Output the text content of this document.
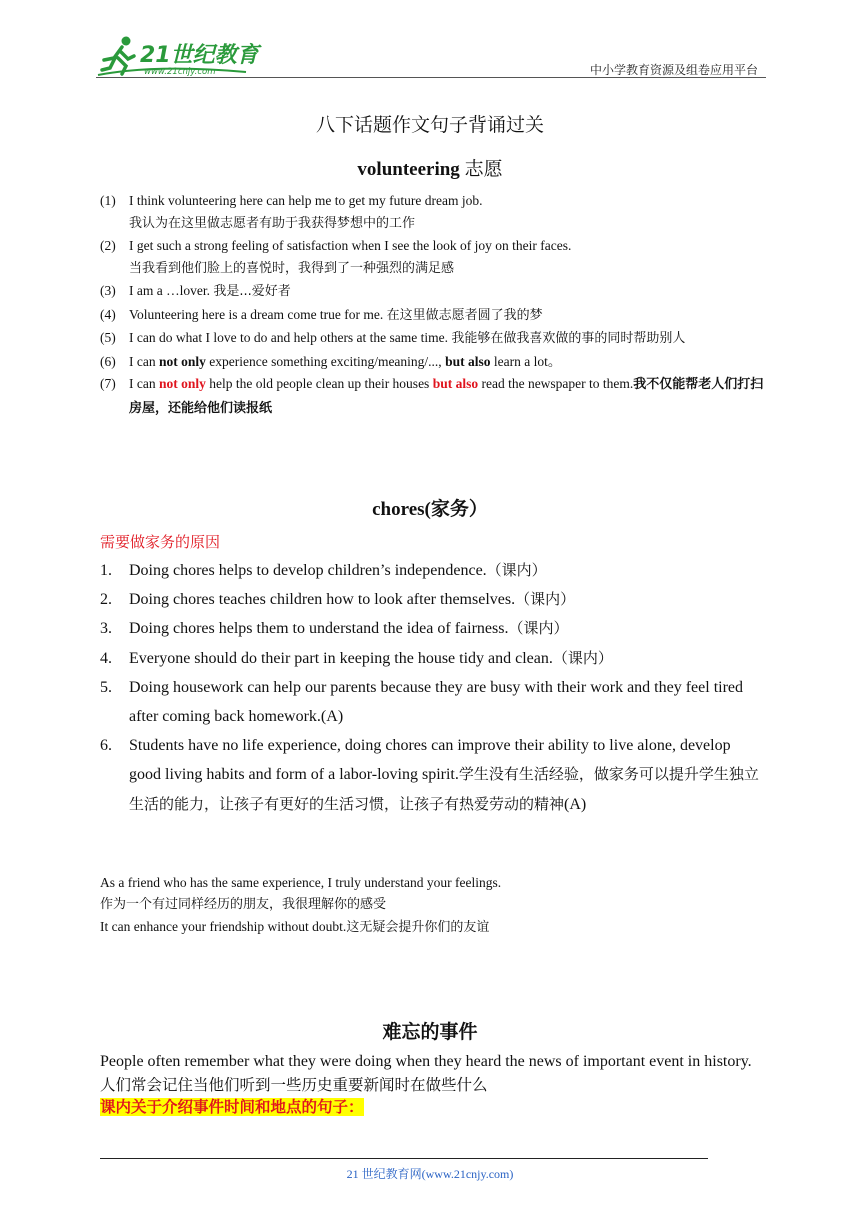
21世纪教育
www.21cnjy.com	中小学教育资源及组卷应用平台
八下话题作文句子背诵过关
volunteering 志愿
(1) I think volunteering here can help me to get my future dream job.
我认为在这里做志愿者有助于我获得梦想中的工作
(2) I get such a strong feeling of satisfaction when I see the look of joy on their faces.
当我看到他们脸上的喜悦时，我得到了一种强烈的满足感
(3) I am a …lover. 我是...爱好者
(4) Volunteering here is a dream come true for me. 在这里做志愿者圆了我的梦
(5) I can do what I love to do and help others at the same time. 我能够在做我喜欢做的事的同时帮助别人
(6) I can not only experience something exciting/meaning/..., but also learn a lot。
(7) I can not only help the old people clean up their houses but also read the newspaper to them.我不仅能帮老人们打扫房屋，还能给他们读报纸
chores(家务）
需要做家务的原因
1.	Doing chores helps to develop children’s independence.（课内）
2.	Doing chores teaches children how to look after themselves.（课内）
3.	Doing chores helps them to understand the idea of fairness.（课内）
4.	Everyone should do their part in keeping the house tidy and clean.（课内）
5.	Doing housework can help our parents because they are busy with their work and they feel tired after coming back homework.(A)
6.	Students have no life experience, doing chores can improve their ability to live alone, develop good living habits and form of a labor-loving spirit.学生没有生活经验，做家务可以提升学生独立生活的能力，让孩子有更好的生活习惯，让孩子有热爱劳动的精神(A)
As a friend who has the same experience, I truly understand your feelings.
作为一个有过同样经历的朋友，我很理解你的感受
It can enhance your friendship without doubt.这无疑会提升你们的友谊
难忘的事件
People often remember what they were doing when they heard the news of important event in history.
人们常会记住当他们听到一些历史重要新闻时在做些什么
课内关于介绍事件时间和地点的句子：
21 世纪教育网(www.21cnjy.com)
